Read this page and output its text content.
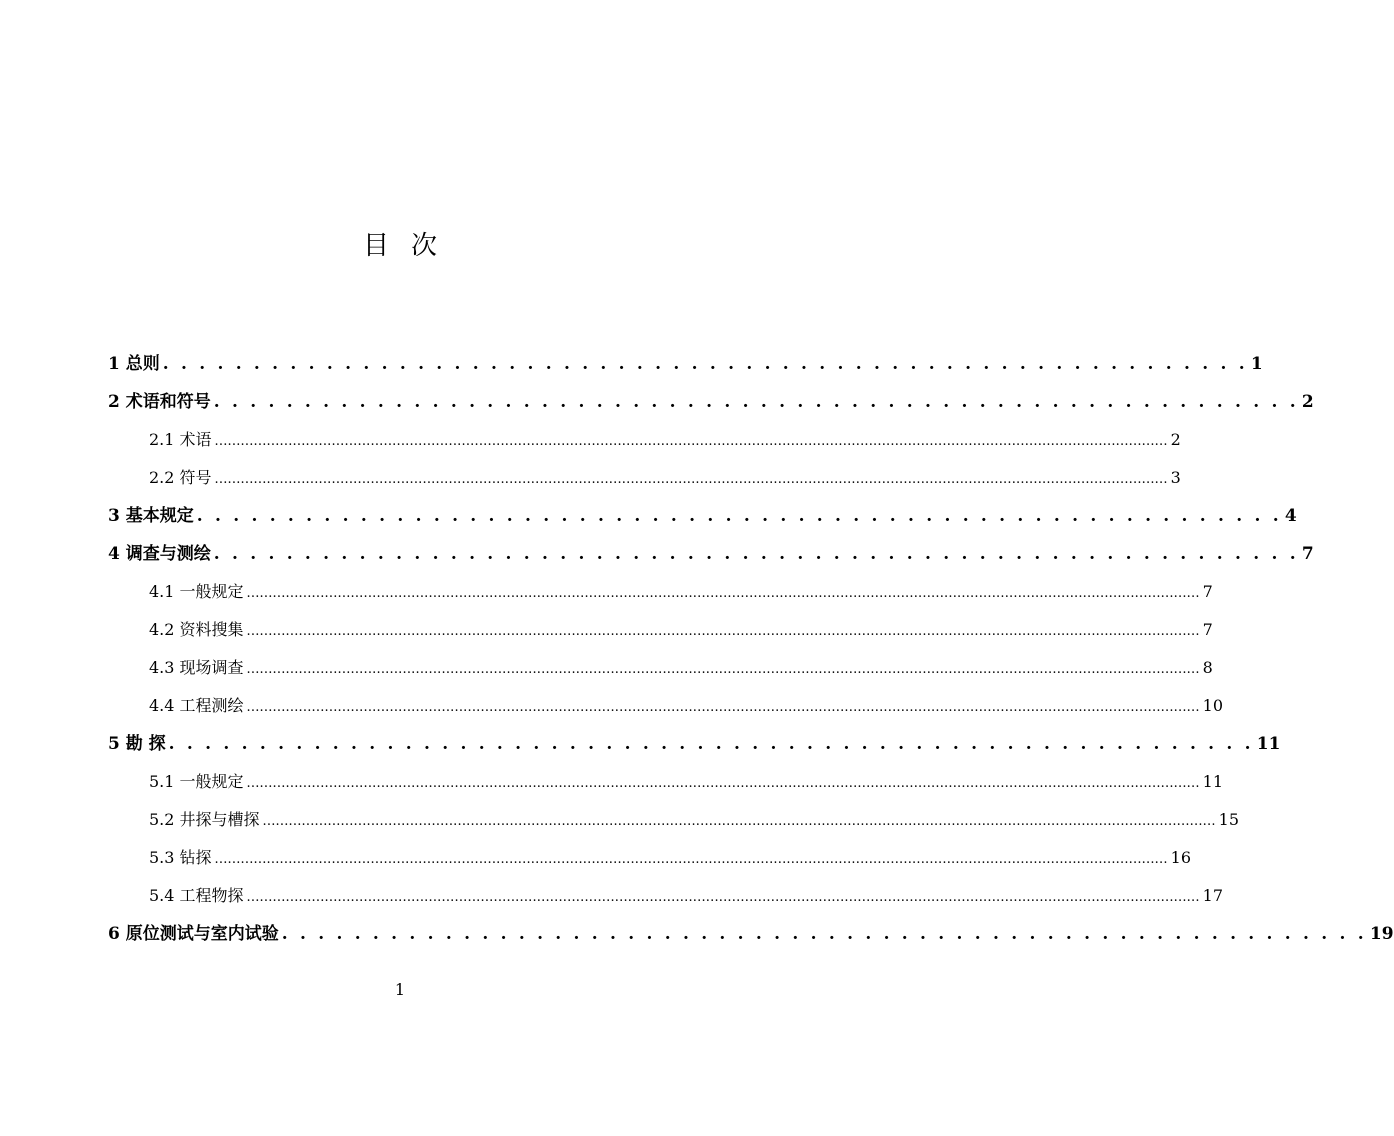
目次
1 总则 . . . . . . . . . . . . . . . . . . . . . . . . . . . . . . . . . . . . . . . . . . . . . . . . . . . . . . . . . . . . 1
2 术语和符号 . . . . . . . . . . . . . . . . . . . . . . . . . . . . . . . . . . . . . . . . . . . . . . . . . . . . . . . . . . . . 2
2.1 术语 ............................................................................................................................................................................................................................ 2
2.2 符号 ............................................................................................................................................................................................................................ 3
3 基本规定 . . . . . . . . . . . . . . . . . . . . . . . . . . . . . . . . . . . . . . . . . . . . . . . . . . . . . . . . . . . . 4
4 调查与测绘 . . . . . . . . . . . . . . . . . . . . . . . . . . . . . . . . . . . . . . . . . . . . . . . . . . . . . . . . . . . . 7
4.1 一般规定 ............................................................................................................................................................................................................................ 7
4.2 资料搜集 ............................................................................................................................................................................................................................ 7
4.3 现场调查 ............................................................................................................................................................................................................................ 8
4.4 工程测绘 ............................................................................................................................................................................................................................ 10
5 勘 探 . . . . . . . . . . . . . . . . . . . . . . . . . . . . . . . . . . . . . . . . . . . . . . . . . . . . . . . . . . . . 11
5.1 一般规定 ............................................................................................................................................................................................................................ 11
5.2 井探与槽探 ............................................................................................................................................................................................................................ 15
5.3 钻探 ............................................................................................................................................................................................................................ 16
5.4 工程物探 ............................................................................................................................................................................................................................ 17
6 原位测试与室内试验 . . . . . . . . . . . . . . . . . . . . . . . . . . . . . . . . . . . . . . . . . . . . . . . . . . . . . . . . . . . . 19
1
